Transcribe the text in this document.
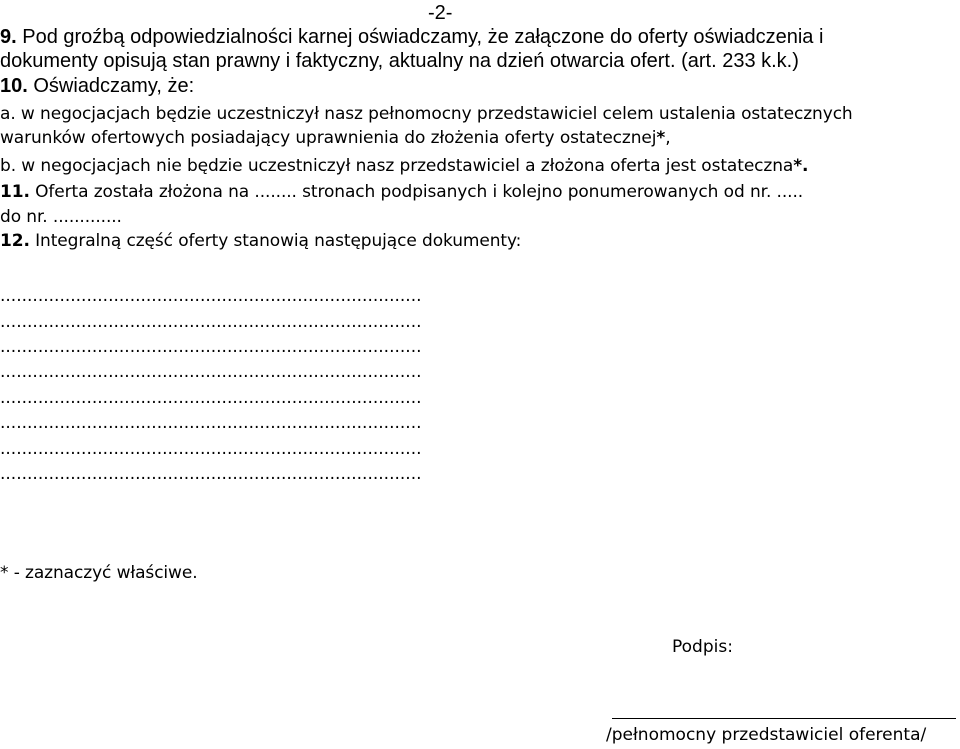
-2-
9. Pod groźbą odpowiedzialności karnej oświadczamy, że załączone do oferty oświadczenia i
dokumenty opisują stan prawny i faktyczny, aktualny na dzień otwarcia ofert. (art. 233 k.k.)
10. Oświadczamy, że:
a. w negocjacjach będzie uczestniczył nasz pełnomocny przedstawiciel celem ustalenia ostatecznych
warunków ofertowych posiadający uprawnienia do złożenia oferty ostatecznej*,
b. w negocjacjach nie będzie uczestniczył nasz przedstawiciel a złożona oferta jest ostateczna*.
11. Oferta została złożona na ........ stronach podpisanych i kolejno ponumerowanych od nr. .....
do nr. .............
12. Integralną część oferty stanowią następujące dokumenty:
..............................................................................
..............................................................................
..............................................................................
..............................................................................
..............................................................................
..............................................................................
..............................................................................
..............................................................................
* - zaznaczyć właściwe.
Podpis:
/pełnomocny przedstawiciel oferenta/
